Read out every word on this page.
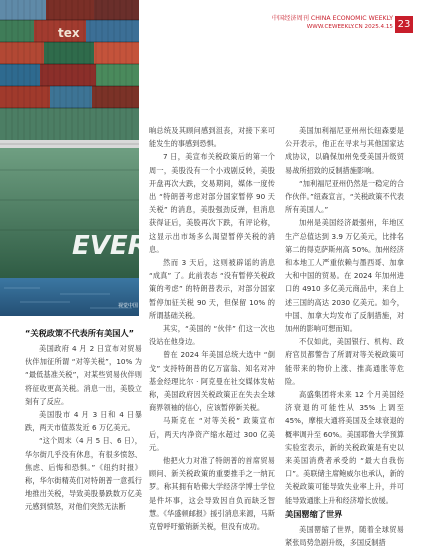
中国经济周刊 CHINA ECONOMIC WEEKLY
WWW.CEWEEKLY.CN 2025.4.15 23
tex
EVER
视觉中国

“关税政策不代表所有美国人”

美国政府 4 月 2 日宣布对贸易伙伴加征所谓 “对等关税”，10% 为 “最低基准关税”，对某些贸易伙伴则将征收更高关税。消息一出，美股立刻有了反应。

美国股市 4 月 3 日和 4 日暴跌，两天市值蒸发近 6 万亿美元。

“这个周末（4 月 5 日、6 日），华尔街几乎没有休息，有很多愤怒、焦虑、后悔和恐惧。”《纽约时报》称，华尔街精英们对特朗普一意孤行地推出关税，导致美股暴跌数万亿美元感到愤怒，对他们突然无法断

晌总统及其顾问感到沮丧，对接下来可能发生的事感到恐惧。

7 日，美宣布关税政策后的第一个周一，美股没有一个小戏剧反转，美股开盘再次大跌，交易期间，媒体一度传出 “特朗普考虑对部分国家暂停 90 天关税” 的消息，美股强劲反弹，但消息获得证后，美股再次下跌，有评论称，这显示出市场多么渴望暂停关税的消息。

然而 3 天后，这则被辟谣的消息 “成真” 了。此前表态 “没有暂停关税政策的考虑” 的特朗普表示，对部分国家暂停加征关税 90 天，但保留 10% 的所谓基础关税。

其实，“美国的 “伙伴” 们这一次也没站在他身边。

曾在 2024 年美国总统大选中 “倒戈” 支持特朗普的亿万富翁、知名对冲基金经理比尔 · 阿克曼在社交媒体发帖称，美国政府因关税政策正在失去全球商界领袖的信心，应该暂停新关税。

马斯克在 “对等关税” 政策宣布后，两天内净资产缩水超过 300 亿美元。

他把火力对准了特朗普的首席贸易顾问、新关税政策的重要推手之一纳瓦罗。称其拥有哈佛大学经济学博士学位是件坏事，这会导致因自负而缺乏智慧。《华盛顿邮报》援引消息来源，马斯克曾呼吁撤销新关税，但没有成功。

美国加利福尼亚州州长纽森要是公开表示，他正在寻求与其他国家达成协议，以确保加州免受美国升级贸易战所招致的反制措施影响。

“加利福尼亚州仍然是一稳定的合作伙伴。”纽森宣言，“关税政策不代表所有美国人。”

加州是美国经济最强州，年地区生产总值达到 3.9 万亿美元，比排名第二的得克萨斯州高 50%。加州经济和本地工人严重依赖与墨西哥、加拿大和中国的贸易。在 2024 年加州进口的 4910 多亿美元商品中，来自上述三国的高达 2030 亿美元。如今，中国、加拿大均发布了反制措施，对加州的影响可想而知。

不仅如此，美国银行、机构、政府官员都警告了所谓对等关税政策可能带来的物价上涨、推高通胀等危险。

高盛集团将未来 12 个月美国经济衰退的可能性从 35% 上调至 45%，摩根大通将美国及全球衰退的概率调升至 60%。美国耶鲁大学预算实验室表示，新的关税政策是有史以来美国消费者承受的 “最大自我伤口”。美联储主席鲍威尔也承认，新的关税政策可能导致失业率上升，并可能导致通胀上升和经济增长放缓。

美国罂缩了世界

美国罂缩了世界，随着全球贸易紧张局势急剧升级，多国反制措
